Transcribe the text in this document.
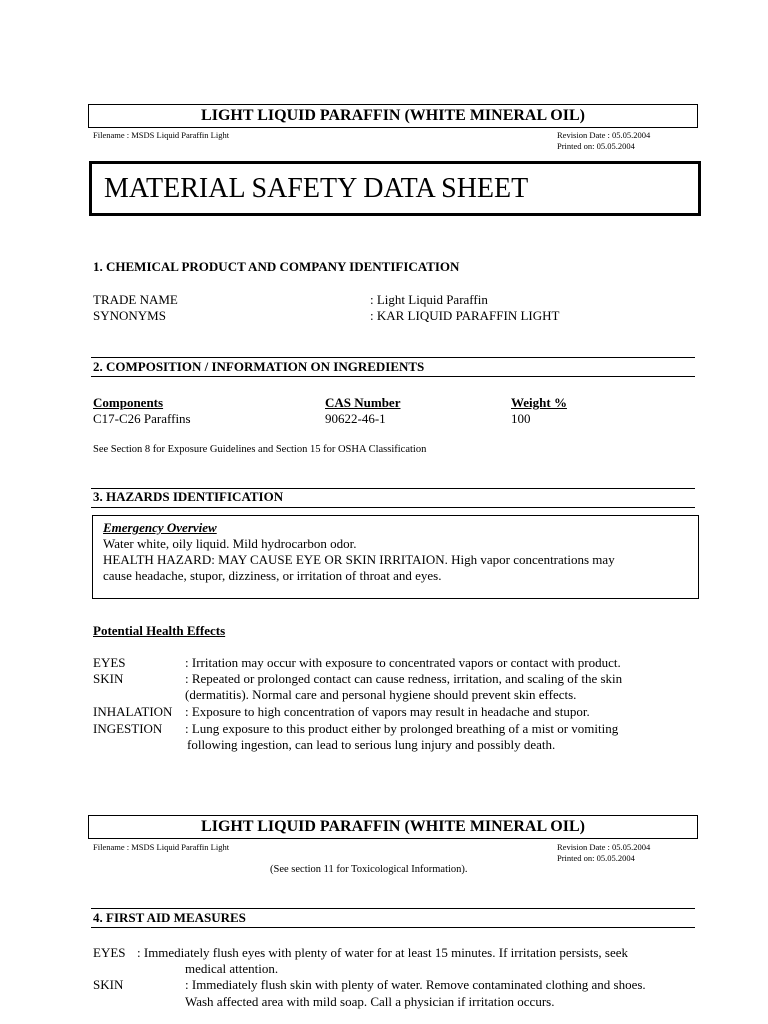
LIGHT LIQUID PARAFFIN (WHITE MINERAL OIL)
Filename : MSDS Liquid Paraffin Light	Revision Date : 05.05.2004
Printed on: 05.05.2004
MATERIAL SAFETY DATA SHEET
1. CHEMICAL PRODUCT AND COMPANY IDENTIFICATION
TRADE NAME	: Light Liquid Paraffin
SYNONYMS	: KAR LIQUID PARAFFIN LIGHT
2. COMPOSITION / INFORMATION ON INGREDIENTS
Components	CAS Number	Weight %
C17-C26 Paraffins	90622-46-1	100
See Section 8 for Exposure Guidelines and Section 15 for OSHA Classification
3. HAZARDS IDENTIFICATION
Emergency Overview
Water white, oily liquid. Mild hydrocarbon odor.
HEALTH HAZARD: MAY CAUSE EYE OR SKIN IRRITAION. High vapor concentrations may
cause headache, stupor, dizziness, or irritation of throat and eyes.
Potential Health Effects
EYES	: Irritation may occur with exposure to concentrated vapors or contact with product.
SKIN	: Repeated or prolonged contact can cause redness, irritation, and scaling of the skin
(dermatitis). Normal care and personal hygiene should prevent skin effects.
INHALATION : Exposure to high concentration of vapors may result in headache and stupor.
INGESTION : Lung exposure to this product either by prolonged breathing of a mist or vomiting
following ingestion, can lead to serious lung injury and possibly death.
LIGHT LIQUID PARAFFIN (WHITE MINERAL OIL)
Filename : MSDS Liquid Paraffin Light	Revision Date : 05.05.2004
Printed on: 05.05.2004
(See section 11 for Toxicological Information).
4. FIRST AID MEASURES
EYES : Immediately flush eyes with plenty of water for at least 15 minutes. If irritation persists, seek
medical attention.
SKIN	: Immediately flush skin with plenty of water. Remove contaminated clothing and shoes.
Wash affected area with mild soap. Call a physician if irritation occurs.
